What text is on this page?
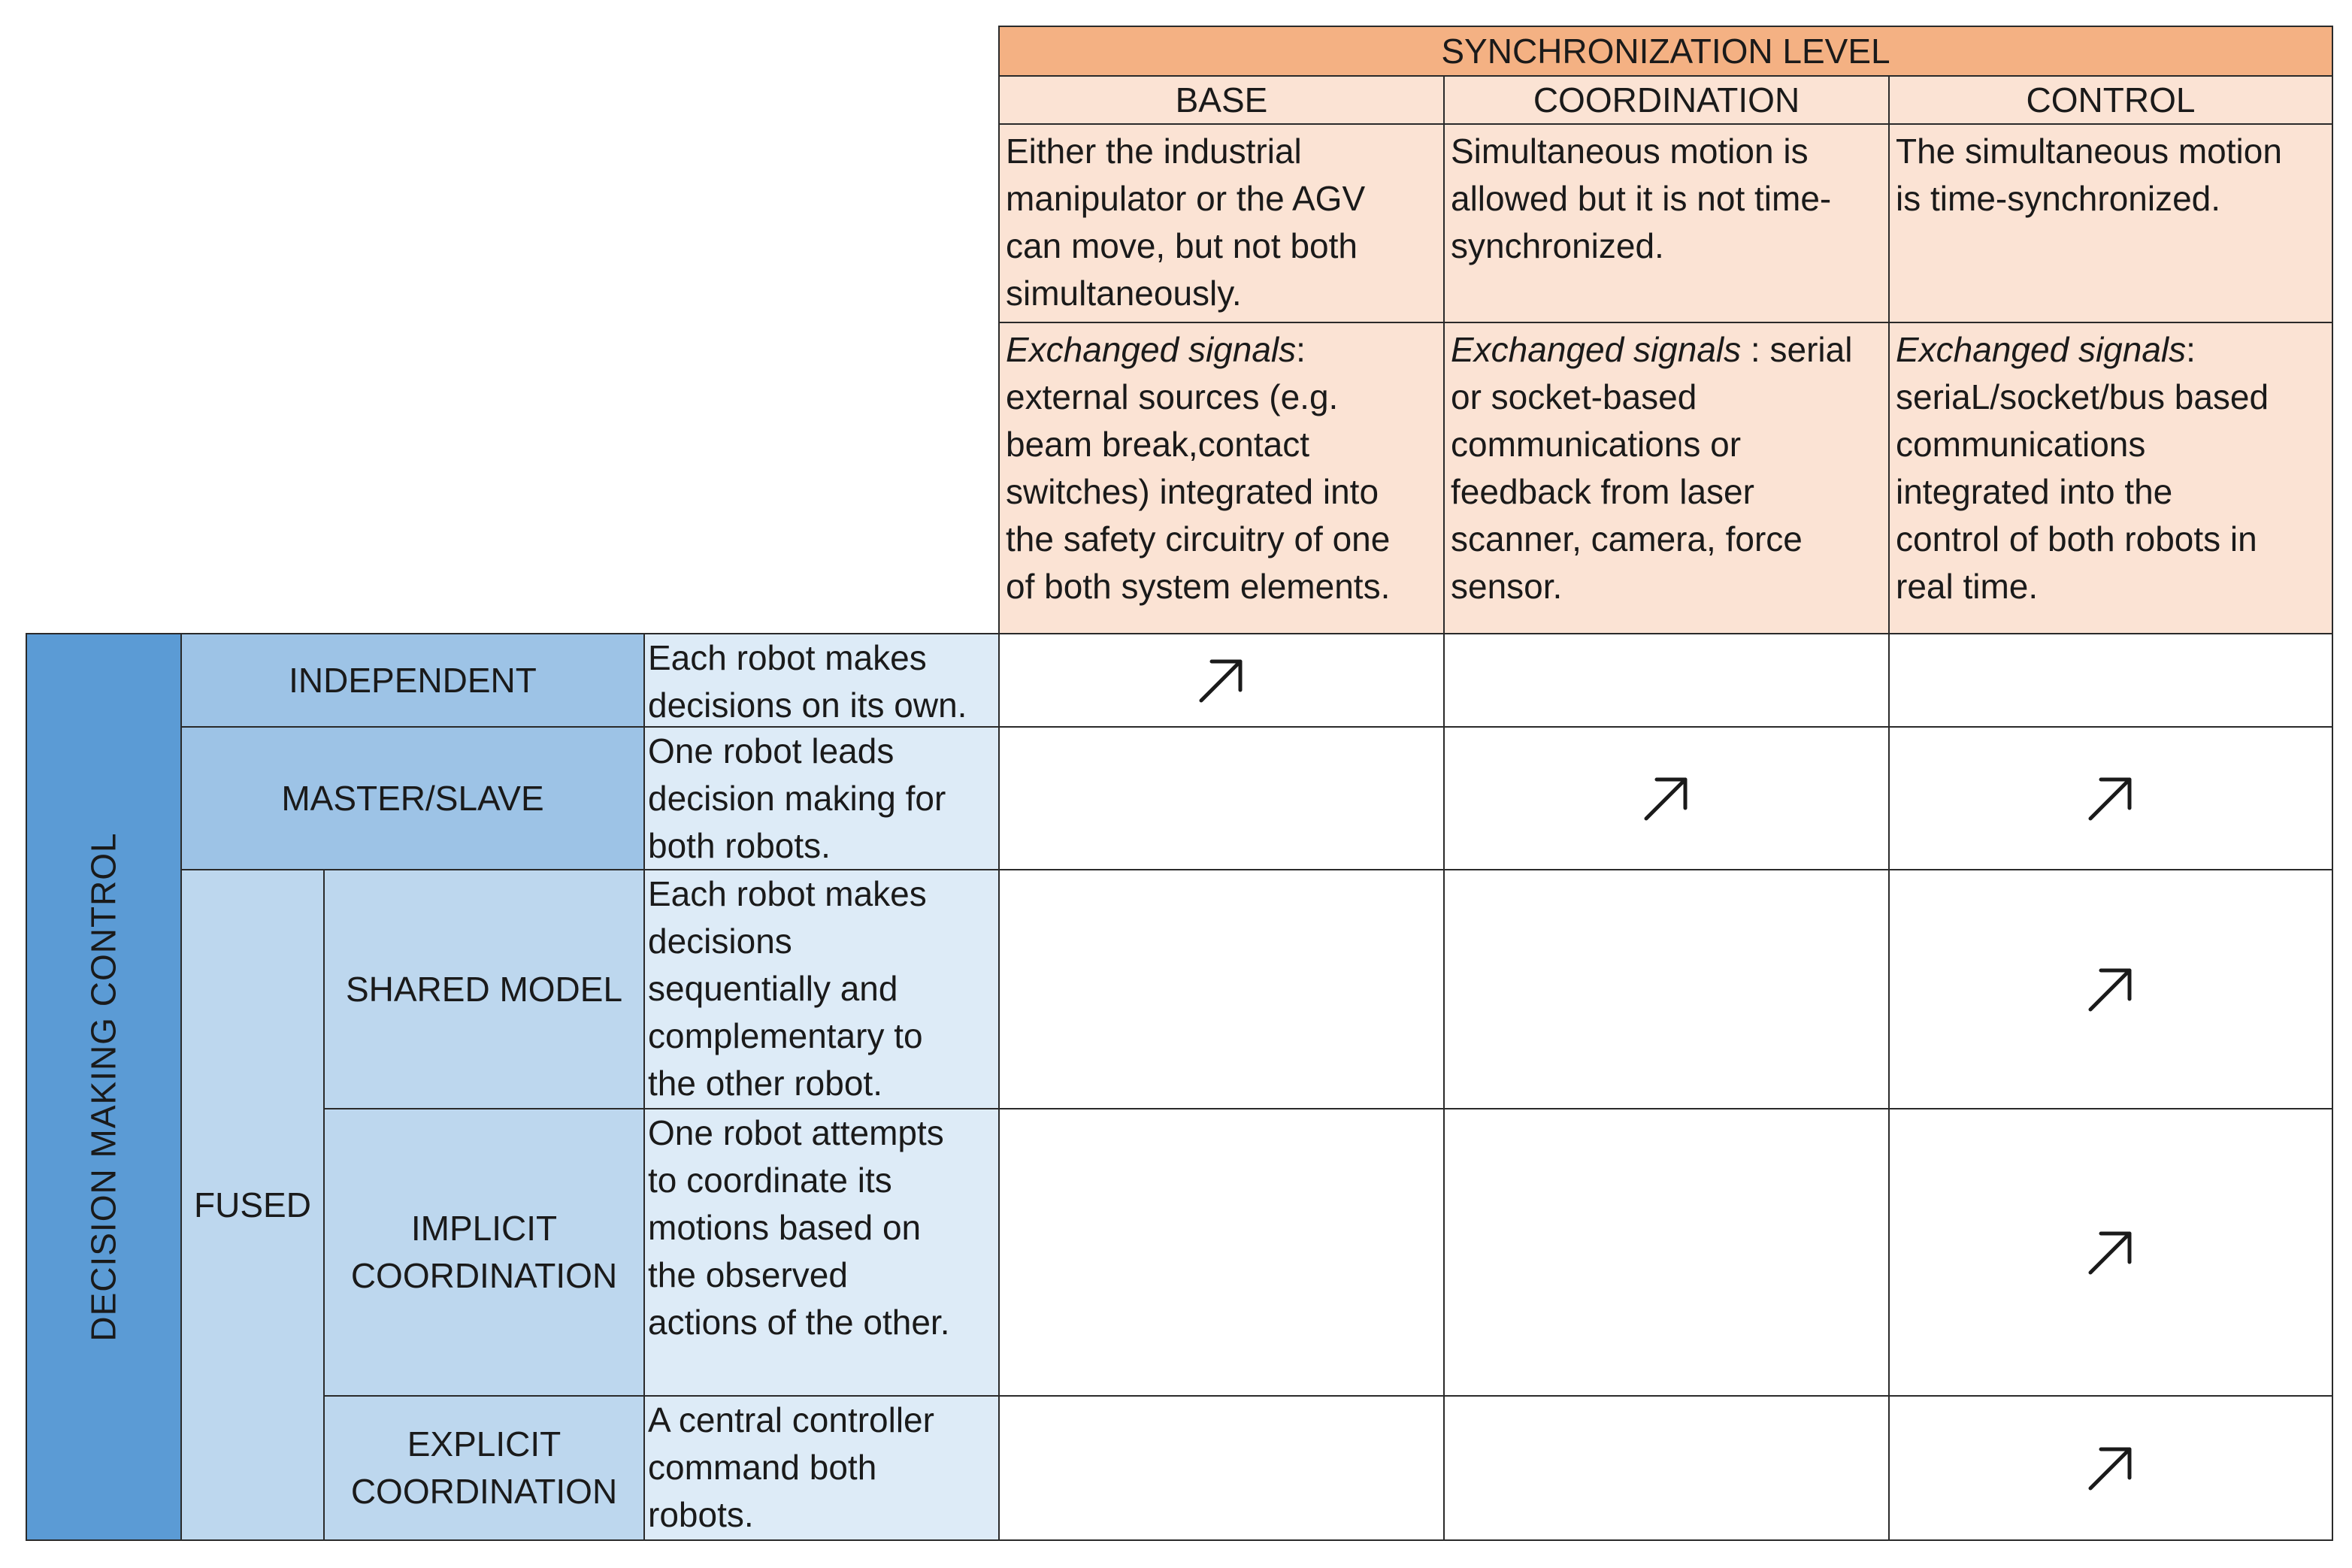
SYNCHRONIZATION LEVEL
BASE	COORDINATION	CONTROL
Either the industrial
manipulator or the AGV
can move, but not both
simultaneously.
Simultaneous motion is
allowed but it is not time-
synchronized.
The simultaneous motion
is time-synchronized.
Exchanged signals:
external sources (e.g.
beam break,contact
switches) integrated into
the safety circuitry of one
of both system elements.
Exchanged signals : serial
or socket-based
communications or
feedback from laser
scanner, camera, force
sensor.
Exchanged signals:
seriaL/socket/bus based
communications
integrated into the
control of both robots in
real time.
DECISION MAKING CONTROL
INDEPENDENT
MASTER/SLAVE
FUSED
SHARED MODEL
IMPLICIT
COORDINATION
EXPLICIT
COORDINATION
Each robot makes
decisions on its own.
One robot leads
decision making for
both robots.
Each robot makes
decisions
sequentially and
complementary to
the other robot.
One robot attempts
to coordinate its
motions based on
the observed
actions of the other.
A central controller
command both
robots.
